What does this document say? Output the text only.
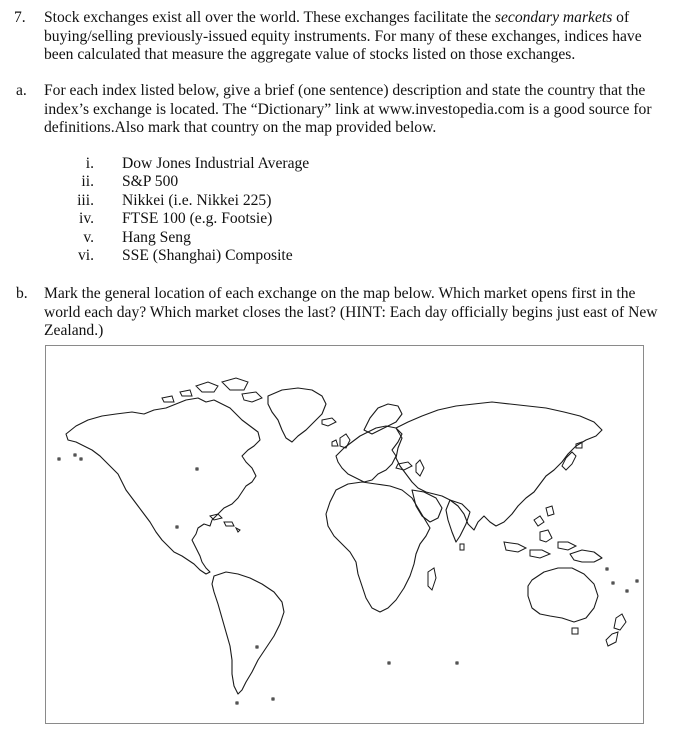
7. Stock exchanges exist all over the world. These exchanges facilitate the secondary markets of buying/selling previously-issued equity instruments. For many of these exchanges, indices have been calculated that measure the aggregate value of stocks listed on those exchanges.
a. For each index listed below, give a brief (one sentence) description and state the country that the index’s exchange is located. The “Dictionary” link at www.investopedia.com is a good source for definitions.Also mark that country on the map provided below.
i. Dow Jones Industrial Average
ii. S&P 500
iii. Nikkei (i.e. Nikkei 225)
iv. FTSE 100 (e.g. Footsie)
v. Hang Seng
vi. SSE (Shanghai) Composite
b. Mark the general location of each exchange on the map below. Which market opens first in the world each day? Which market closes the last? (HINT: Each day officially begins just east of New Zealand.)
